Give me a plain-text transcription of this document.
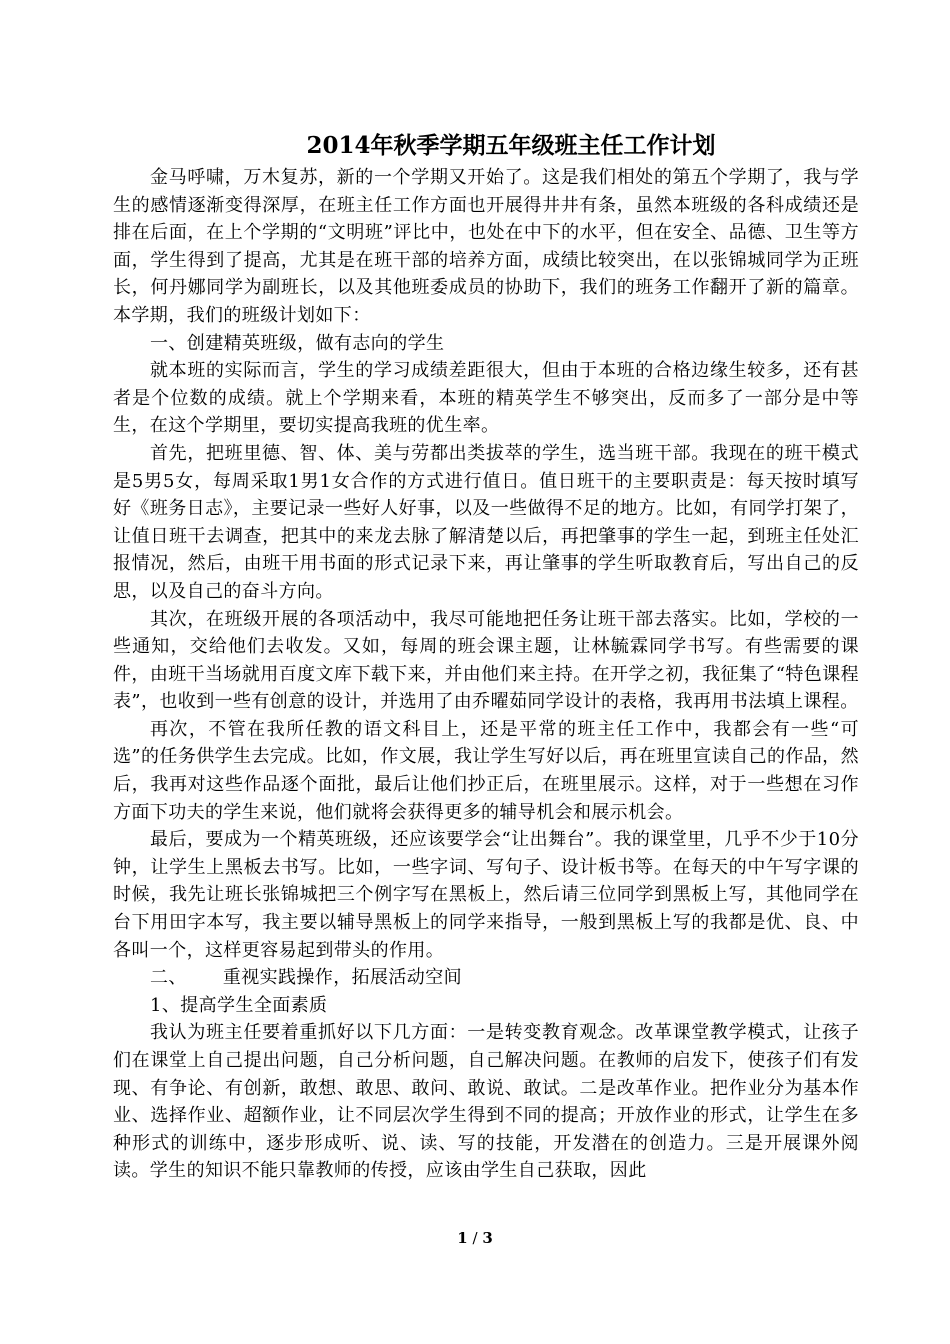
2014年秋季学期五年级班主任工作计划

金马呼啸，万木复苏，新的一个学期又开始了。这是我们相处的第五个学期了，我与学生的感情逐渐变得深厚，在班主任工作方面也开展得井井有条，虽然本班级的各科成绩还是排在后面，在上个学期的“文明班”评比中，也处在中下的水平，但在安全、品德、卫生等方面，学生得到了提高，尤其是在班干部的培养方面，成绩比较突出，在以张锦城同学为正班长，何丹娜同学为副班长，以及其他班委成员的协助下，我们的班务工作翻开了新的篇章。本学期，我们的班级计划如下：

一、创建精英班级，做有志向的学生

就本班的实际而言，学生的学习成绩差距很大，但由于本班的合格边缘生较多，还有甚者是个位数的成绩。就上个学期来看，本班的精英学生不够突出，反而多了一部分是中等生，在这个学期里，要切实提高我班的优生率。

首先，把班里德、智、体、美与劳都出类拔萃的学生，选当班干部。我现在的班干模式是5男5女，每周采取1男1女合作的方式进行值日。值日班干的主要职责是：每天按时填写好《班务日志》，主要记录一些好人好事，以及一些做得不足的地方。比如，有同学打架了，让值日班干去调查，把其中的来龙去脉了解清楚以后，再把肇事的学生一起，到班主任处汇报情况，然后，由班干用书面的形式记录下来，再让肇事的学生听取教育后，写出自己的反思，以及自己的奋斗方向。

其次，在班级开展的各项活动中，我尽可能地把任务让班干部去落实。比如，学校的一些通知，交给他们去收发。又如，每周的班会课主题，让林毓霖同学书写。有些需要的课件，由班干当场就用百度文库下载下来，并由他们来主持。在开学之初，我征集了“特色课程表”，也收到一些有创意的设计，并选用了由乔曜茹同学设计的表格，我再用书法填上课程。

再次，不管在我所任教的语文科目上，还是平常的班主任工作中，我都会有一些“可选”的任务供学生去完成。比如，作文展，我让学生写好以后，再在班里宣读自己的作品，然后，我再对这些作品逐个面批，最后让他们抄正后，在班里展示。这样，对于一些想在习作方面下功夫的学生来说，他们就将会获得更多的辅导机会和展示机会。

最后，要成为一个精英班级，还应该要学会“让出舞台”。我的课堂里，几乎不少于10分钟，让学生上黑板去书写。比如，一些字词、写句子、设计板书等。在每天的中午写字课的时候，我先让班长张锦城把三个例字写在黑板上，然后请三位同学到黑板上写，其他同学在台下用田字本写，我主要以辅导黑板上的同学来指导，一般到黑板上写的我都是优、良、中各叫一个，这样更容易起到带头的作用。

二、 重视实践操作，拓展活动空间

1、提高学生全面素质

我认为班主任要着重抓好以下几方面：一是转变教育观念。改革课堂教学模式，让孩子们在课堂上自己提出问题，自己分析问题，自己解决问题。在教师的启发下，使孩子们有发现、有争论、有创新，敢想、敢思、敢问、敢说、敢试。二是改革作业。把作业分为基本作业、选择作业、超额作业，让不同层次学生得到不同的提高；开放作业的形式，让学生在多种形式的训练中，逐步形成听、说、读、写的技能，开发潜在的创造力。三是开展课外阅读。学生的知识不能只靠教师的传授，应该由学生自己获取，因此

1 / 3
